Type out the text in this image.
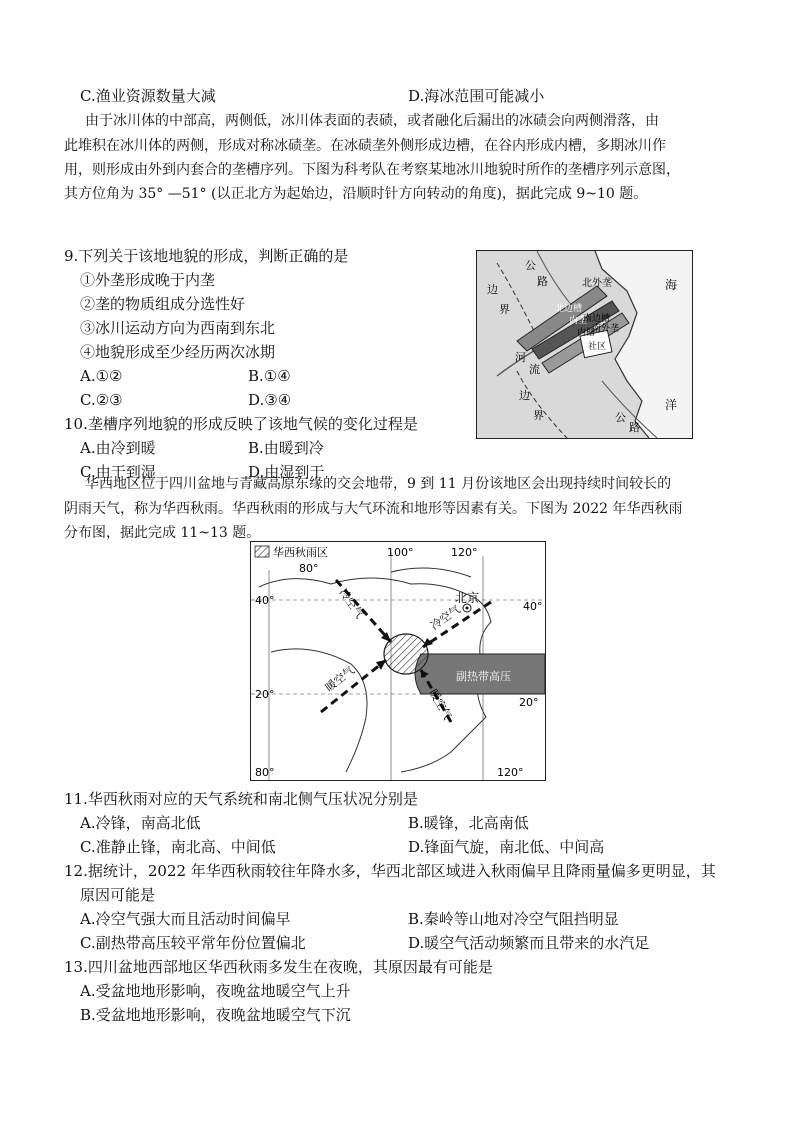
C.渔业资源数量大减	D.海冰范围可能减小
由于冰川体的中部高，两侧低，冰川体表面的表碛，或者融化后漏出的冰碛会向两侧滑落，由
此堆积在冰川体的两侧，形成对称冰碛垄。在冰碛垄外侧形成边槽，在谷内形成内槽，多期冰川作
用，则形成由外到内套合的垄槽序列。下图为科考队在考察某地冰川地貌时所作的垄槽序列示意图，
其方位角为 35° —51° (以正北方为起始边，沿顺时针方向转动的角度)，据此完成 9~10 题。
9.下列关于该地地貌的形成，判断正确的是
①外垄形成晚于内垄
②垄的物质组成分选性好
③冰川运动方向为西南到东北
④地貌形成至少经历两次冰期
A.①②	B.①④
C.②③	D.③④
10.垄槽序列地貌的形成反映了该地气候的变化过程是
A.由冷到暖	B.由暖到冷
C.由干到湿	D.由湿到干
边
界
公
路	海
洋
北外垄
北边槽
内垄
内槽
南边槽
南外垄
社区
河
流
边
界	公
路
华西地区位于四川盆地与青藏高原东缘的交会地带，9 到 11 月份该地区会出现持续时间较长的
阴雨天气，称为华西秋雨。华西秋雨的形成与大气环流和地形等因素有关。下图为 2022 年华西秋雨
分布图，据此完成 11~13 题。
华西秋雨区
北京
100°	120°
80°
40°	40°
20°
20°
80°	120°
冷空气	冷空气
暖空气
暖空气
副热带高压
11.华西秋雨对应的天气系统和南北侧气压状况分别是
A.冷锋，南高北低	B.暖锋，北高南低
C.准静止锋，南北高、中间低	D.锋面气旋，南北低、中间高
12.据统计，2022 年华西秋雨较往年降水多，华西北部区域进入秋雨偏早且降雨量偏多更明显，其
原因可能是
A.冷空气强大而且活动时间偏早	B.秦岭等山地对冷空气阻挡明显
C.副热带高压较平常年份位置偏北	D.暖空气活动频繁而且带来的水汽足
13.四川盆地西部地区华西秋雨多发生在夜晚，其原因最有可能是
A.受盆地地形影响，夜晚盆地暖空气上升
B.受盆地地形影响，夜晚盆地暖空气下沉
